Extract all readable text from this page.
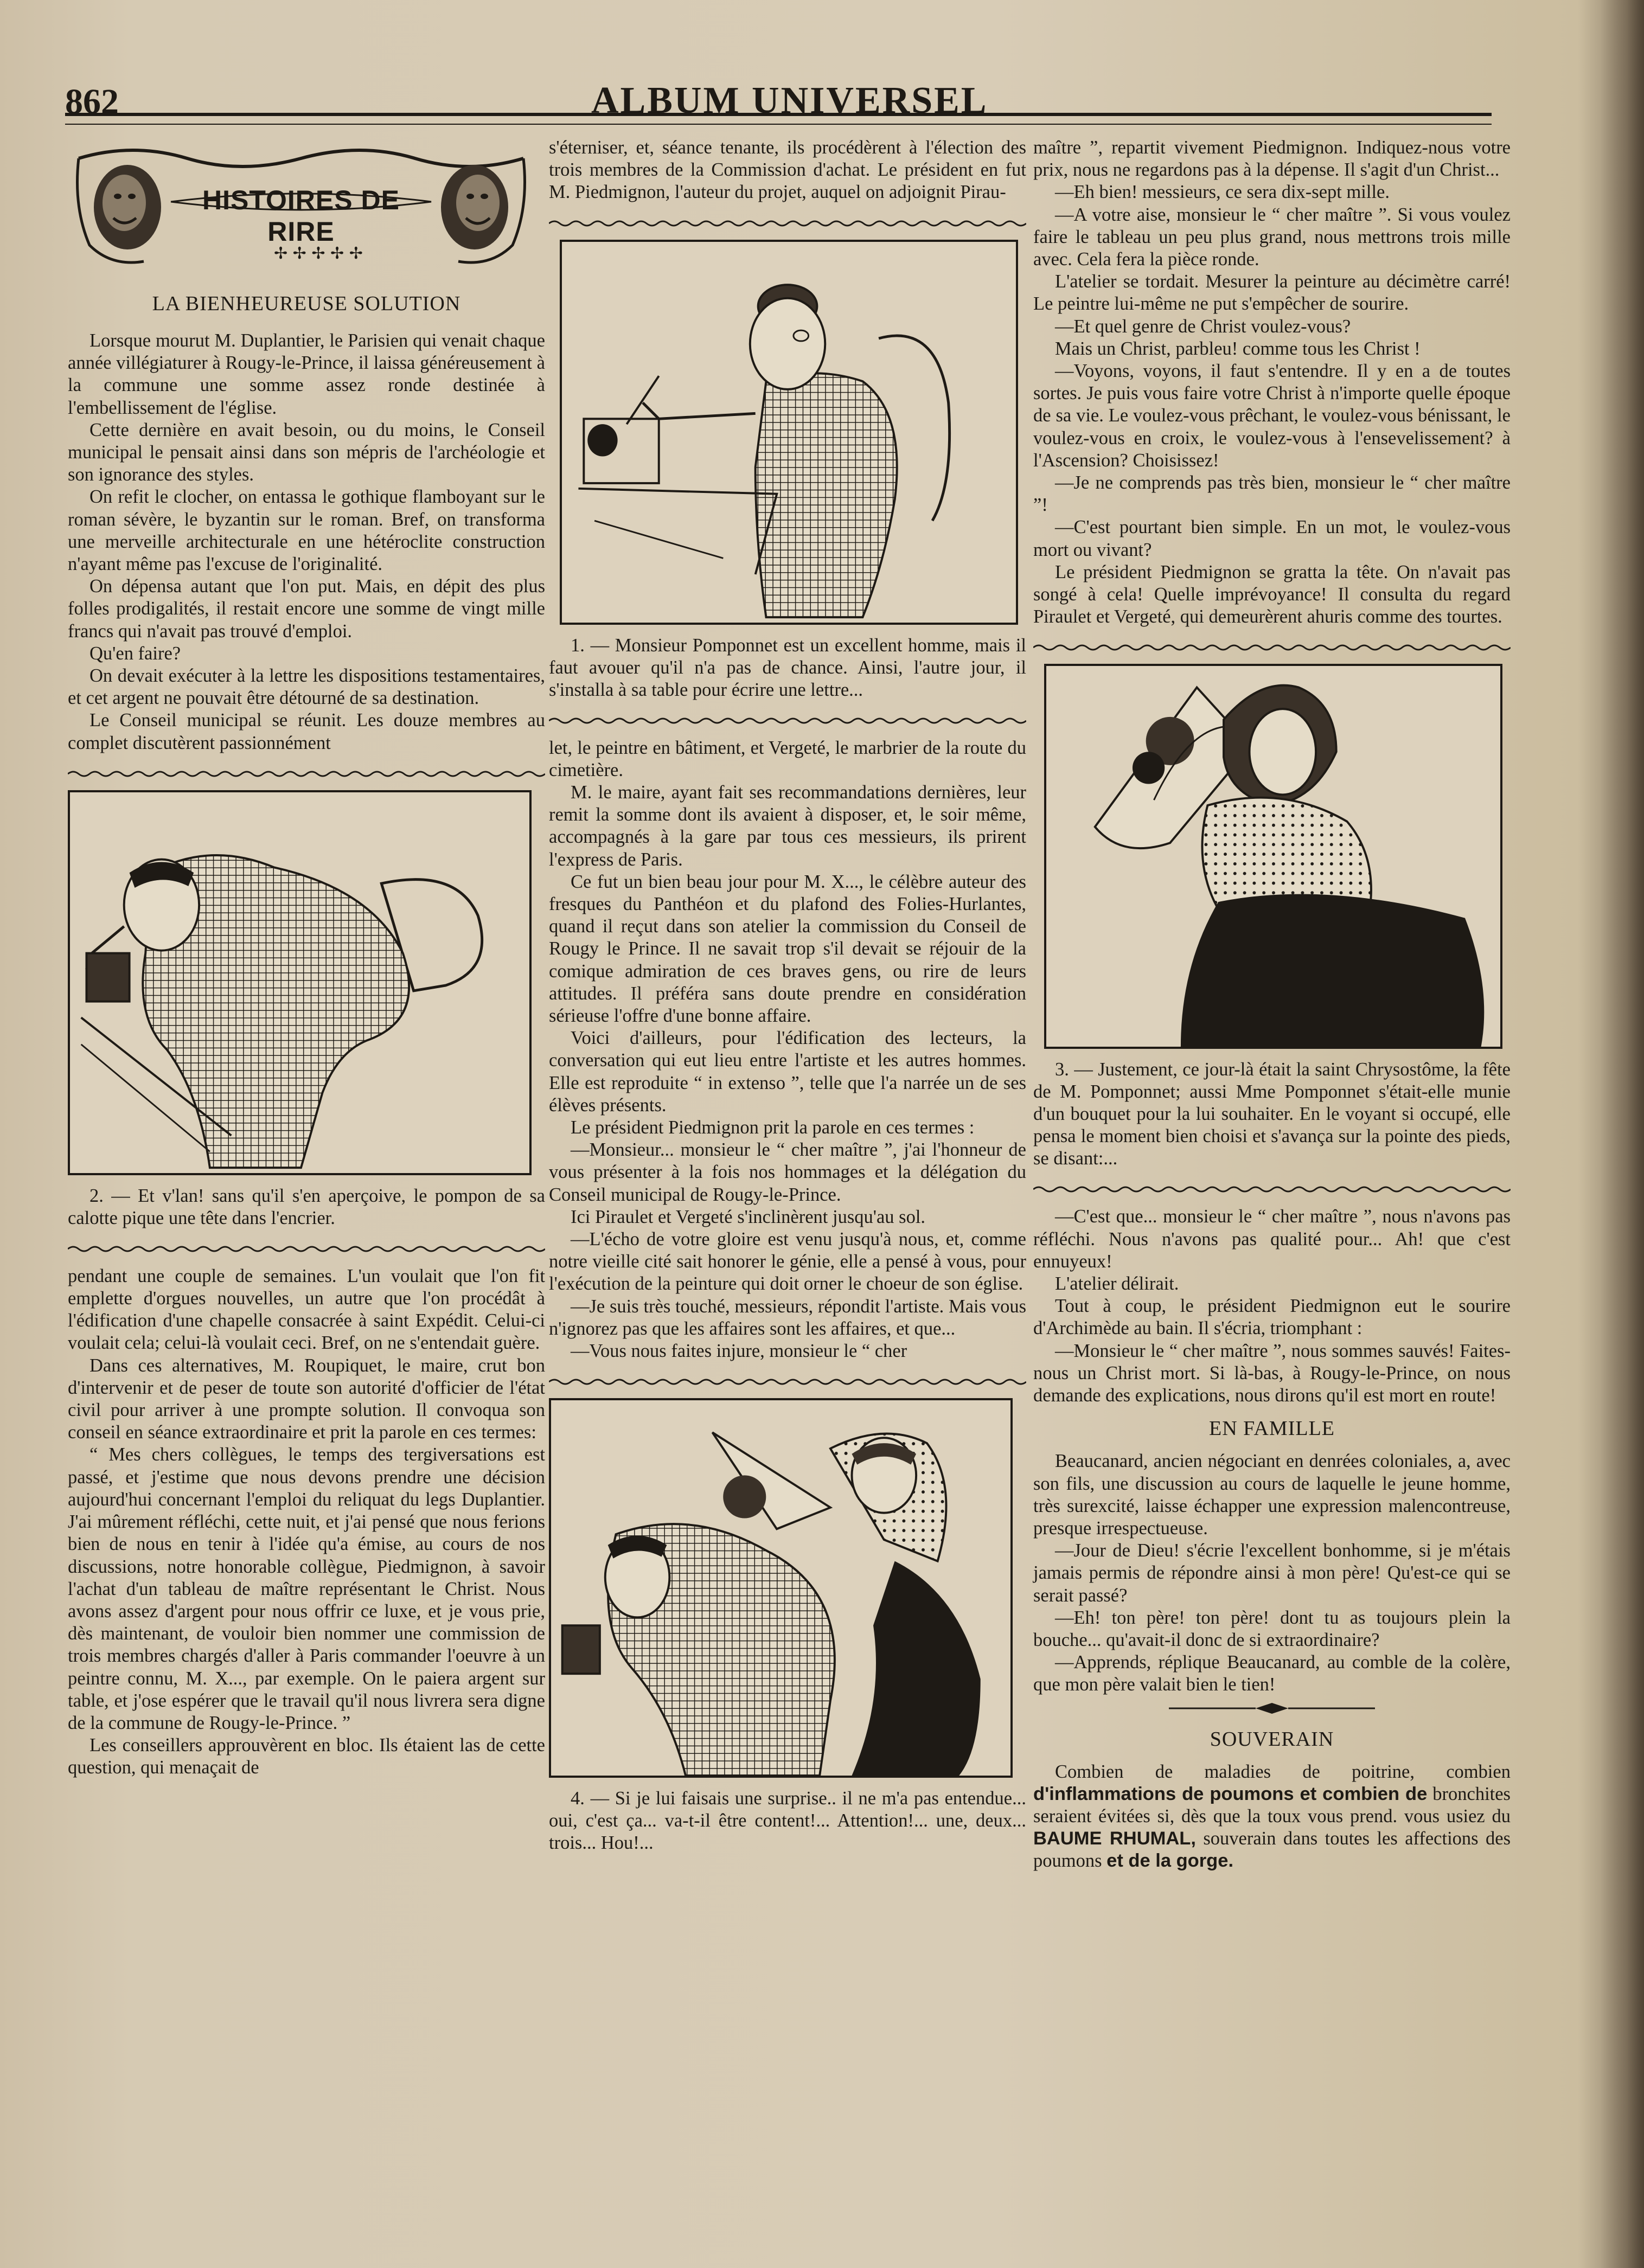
862	ALBUM UNIVERSEL
✢ ✢ ✢ ✢ ✢
HISTOIRES DE RIRE
LA BIENHEUREUSE SOLUTION

Lorsque mourut M. Duplantier, le Parisien qui venait chaque année villégiaturer à Rougy-le-Prince, il laissa généreusement à la commune une somme assez ronde destinée à l'embellissement de l'église.

Cette dernière en avait besoin, ou du moins, le Conseil municipal le pensait ainsi dans son mépris de l'archéologie et son ignorance des styles.

On refit le clocher, on entassa le gothique flamboyant sur le roman sévère, le byzantin sur le roman. Bref, on transforma une merveille architecturale en une hétéroclite construction n'ayant même pas l'excuse de l'originalité.

On dépensa autant que l'on put. Mais, en dépit des plus folles prodigalités, il restait encore une somme de vingt mille francs qui n'avait pas trouvé d'emploi.

Qu'en faire?

On devait exécuter à la lettre les dispositions testamentaires, et cet argent ne pouvait être détourné de sa destination.

Le Conseil municipal se réunit. Les douze membres au complet discutèrent passionnément

2. — Et v'lan! sans qu'il s'en aperçoive, le pompon de sa calotte pique une tête dans l'encrier.

pendant une couple de semaines. L'un voulait que l'on fit emplette d'orgues nouvelles, un autre que l'on procédât à l'édification d'une chapelle consacrée à saint Expédit. Celui-ci voulait cela; celui-là voulait ceci. Bref, on ne s'entendait guère.

Dans ces alternatives, M. Roupiquet, le maire, crut bon d'intervenir et de peser de toute son autorité d'officier de l'état civil pour arriver à une prompte solution. Il convoqua son conseil en séance extraordinaire et prit la parole en ces termes:

“ Mes chers collègues, le temps des tergiversations est passé, et j'estime que nous devons prendre une décision aujourd'hui concernant l'emploi du reliquat du legs Duplantier. J'ai mûrement réfléchi, cette nuit, et j'ai pensé que nous ferions bien de nous en tenir à l'idée qu'a émise, au cours de nos discussions, notre honorable collègue, Piedmignon, à savoir l'achat d'un tableau de maître représentant le Christ. Nous avons assez d'argent pour nous offrir ce luxe, et je vous prie, dès maintenant, de vouloir bien nommer une commission de trois membres chargés d'aller à Paris commander l'oeuvre à un peintre connu, M. X..., par exemple. On le paiera argent sur table, et j'ose espérer que le travail qu'il nous livrera sera digne de la commune de Rougy-le-Prince. ”

Les conseillers approuvèrent en bloc. Ils étaient las de cette question, qui menaçait de

s'éterniser, et, séance tenante, ils procédèrent à l'élection des trois membres de la Commission d'achat. Le président en fut M. Piedmignon, l'auteur du projet, auquel on adjoignit Pirau-

1. — Monsieur Pomponnet est un excellent homme, mais il faut avouer qu'il n'a pas de chance. Ainsi, l'autre jour, il s'installa à sa table pour écrire une lettre...

let, le peintre en bâtiment, et Vergeté, le marbrier de la route du cimetière.

M. le maire, ayant fait ses recommandations dernières, leur remit la somme dont ils avaient à disposer, et, le soir même, accompagnés à la gare par tous ces messieurs, ils prirent l'express de Paris.

Ce fut un bien beau jour pour M. X..., le célèbre auteur des fresques du Panthéon et du plafond des Folies-Hurlantes, quand il reçut dans son atelier la commission du Conseil de Rougy le Prince. Il ne savait trop s'il devait se réjouir de la comique admiration de ces braves gens, ou rire de leurs attitudes. Il préféra sans doute prendre en considération sérieuse l'offre d'une bonne affaire.

Voici d'ailleurs, pour l'édification des lecteurs, la conversation qui eut lieu entre l'artiste et les autres hommes. Elle est reproduite “ in extenso ”, telle que l'a narrée un de ses élèves présents.

Le président Piedmignon prit la parole en ces termes :

—Monsieur... monsieur le “ cher maître ”, j'ai l'honneur de vous présenter à la fois nos hommages et la délégation du Conseil municipal de Rougy-le-Prince.

Ici Piraulet et Vergeté s'inclinèrent jusqu'au sol.

—L'écho de votre gloire est venu jusqu'à nous, et, comme notre vieille cité sait honorer le génie, elle a pensé à vous, pour l'exécution de la peinture qui doit orner le choeur de son église.

—Je suis très touché, messieurs, répondit l'artiste. Mais vous n'ignorez pas que les affaires sont les affaires, et que...

—Vous nous faites injure, monsieur le “ cher

4. — Si je lui faisais une surprise.. il ne m'a pas entendue... oui, c'est ça... va-t-il être content!... Attention!... une, deux... trois... Hou!...

maître ”, repartit vivement Piedmignon. Indiquez-nous votre prix, nous ne regardons pas à la dépense. Il s'agit d'un Christ...

—Eh bien! messieurs, ce sera dix-sept mille.

—A votre aise, monsieur le “ cher maître ”. Si vous voulez faire le tableau un peu plus grand, nous mettrons trois mille avec. Cela fera la pièce ronde.

L'atelier se tordait. Mesurer la peinture au décimètre carré! Le peintre lui-même ne put s'empêcher de sourire.

—Et quel genre de Christ voulez-vous?

Mais un Christ, parbleu! comme tous les Christ !

—Voyons, voyons, il faut s'entendre. Il y en a de toutes sortes. Je puis vous faire votre Christ à n'importe quelle époque de sa vie. Le voulez-vous prêchant, le voulez-vous bénissant, le voulez-vous en croix, le voulez-vous à l'ensevelissement? à l'Ascension? Choisissez!

—Je ne comprends pas très bien, monsieur le “ cher maître ”!

—C'est pourtant bien simple. En un mot, le voulez-vous mort ou vivant?

Le président Piedmignon se gratta la tête. On n'avait pas songé à cela! Quelle imprévoyance! Il consulta du regard Piraulet et Vergeté, qui demeurèrent ahuris comme des tourtes.

3. — Justement, ce jour-là était la saint Chrysostôme, la fête de M. Pomponnet; aussi Mme Pomponnet s'était-elle munie d'un bouquet pour la lui souhaiter. En le voyant si occupé, elle pensa le moment bien choisi et s'avança sur la pointe des pieds, se disant:...

—C'est que... monsieur le “ cher maître ”, nous n'avons pas réfléchi. Nous n'avons pas qualité pour... Ah! que c'est ennuyeux!

L'atelier délirait.

Tout à coup, le président Piedmignon eut le sourire d'Archimède au bain. Il s'écria, triomphant :

—Monsieur le “ cher maître ”, nous sommes sauvés! Faites-nous un Christ mort. Si là-bas, à Rougy-le-Prince, on nous demande des explications, nous dirons qu'il est mort en route!

EN FAMILLE

Beaucanard, ancien négociant en denrées coloniales, a, avec son fils, une discussion au cours de laquelle le jeune homme, très surexcité, laisse échapper une expression malencontreuse, presque irrespectueuse.

—Jour de Dieu! s'écrie l'excellent bonhomme, si je m'étais jamais permis de répondre ainsi à mon père! Qu'est-ce qui se serait passé?

—Eh! ton père! ton père! dont tu as toujours plein la bouche... qu'avait-il donc de si extraordinaire?

—Apprends, réplique Beaucanard, au comble de la colère, que mon père valait bien le tien!

SOUVERAIN

Combien de maladies de poitrine, combien d'inflammations de poumons et combien de bronchites seraient évitées si, dès que la toux vous prend. vous usiez du BAUME RHUMAL, souverain dans toutes les affections des poumons et de la gorge.
